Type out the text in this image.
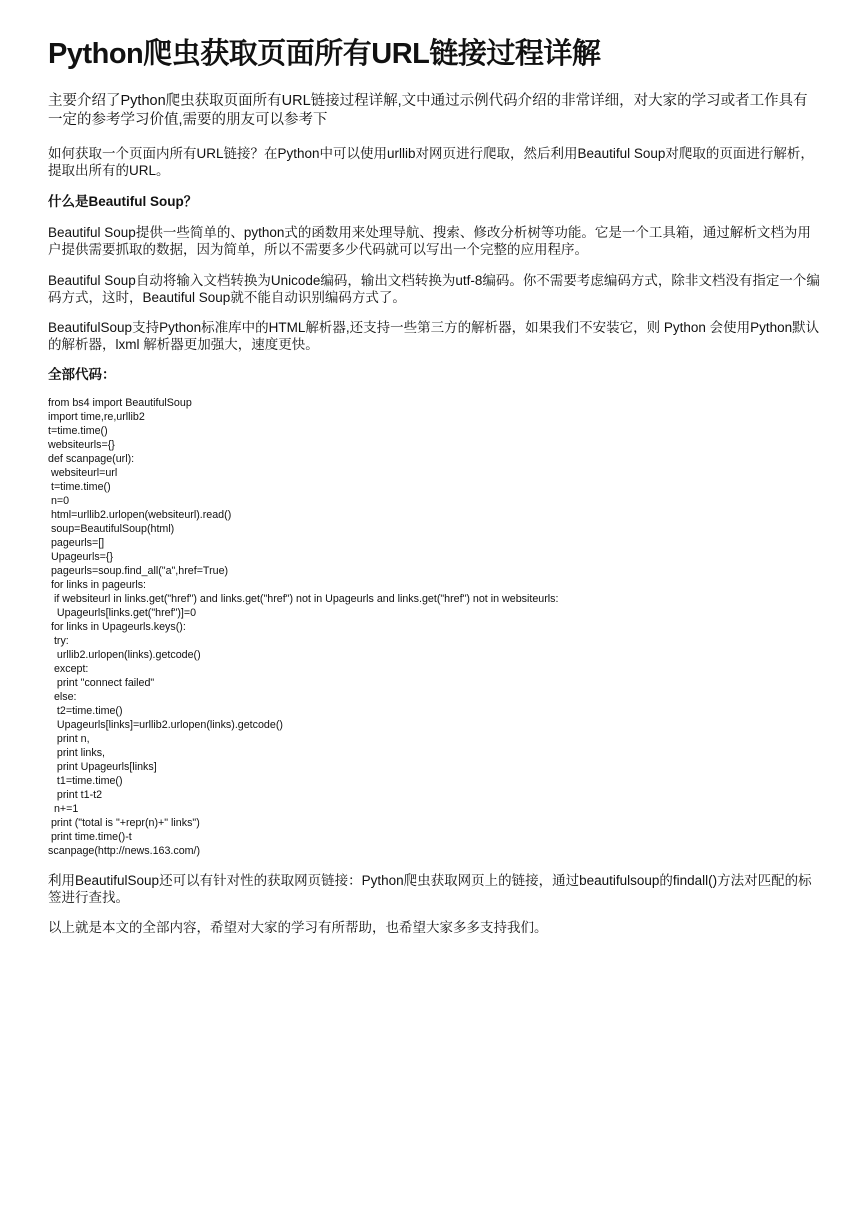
Python爬虫获取页面所有URL链接过程详解

主要介绍了Python爬虫获取页面所有URL链接过程详解,文中通过示例代码介绍的非常详细，对大家的学习或者工作具有一定的参考学习价值,需要的朋友可以参考下

如何获取一个页面内所有URL链接？在Python中可以使用urllib对网页进行爬取，然后利用Beautiful Soup对爬取的页面进行解析，提取出所有的URL。

什么是Beautiful Soup？

Beautiful Soup提供一些简单的、python式的函数用来处理导航、搜索、修改分析树等功能。它是一个工具箱，通过解析文档为用户提供需要抓取的数据，因为简单，所以不需要多少代码就可以写出一个完整的应用程序。

Beautiful Soup自动将输入文档转换为Unicode编码，输出文档转换为utf-8编码。你不需要考虑编码方式，除非文档没有指定一个编码方式，这时，Beautiful Soup就不能自动识别编码方式了。

BeautifulSoup支持Python标准库中的HTML解析器,还支持一些第三方的解析器，如果我们不安装它，则 Python 会使用Python默认的解析器，lxml 解析器更加强大，速度更快。

全部代码：

from bs4 import BeautifulSoup
import time,re,urllib2
t=time.time()
websiteurls={}
def scanpage(url):
websiteurl=url
t=time.time()
n=0
html=urllib2.urlopen(websiteurl).read()
soup=BeautifulSoup(html)
pageurls=[]
Upageurls={}
pageurls=soup.find_all("a",href=True)
for links in pageurls:
if websiteurl in links.get("href") and links.get("href") not in Upageurls and links.get("href") not in websiteurls:
Upageurls[links.get("href")]=0
for links in Upageurls.keys():
try:
urllib2.urlopen(links).getcode()
except:
print "connect failed"
else:
t2=time.time()
Upageurls[links]=urllib2.urlopen(links).getcode()
print n,
print links,
print Upageurls[links]
t1=time.time()
print t1-t2
n+=1
print ("total is "+repr(n)+" links")
print time.time()-t
scanpage(http://news.163.com/)

利用BeautifulSoup还可以有针对性的获取网页链接：Python爬虫获取网页上的链接，通过beautifulsoup的findall()方法对匹配的标签进行查找。

以上就是本文的全部内容，希望对大家的学习有所帮助，也希望大家多多支持我们。
